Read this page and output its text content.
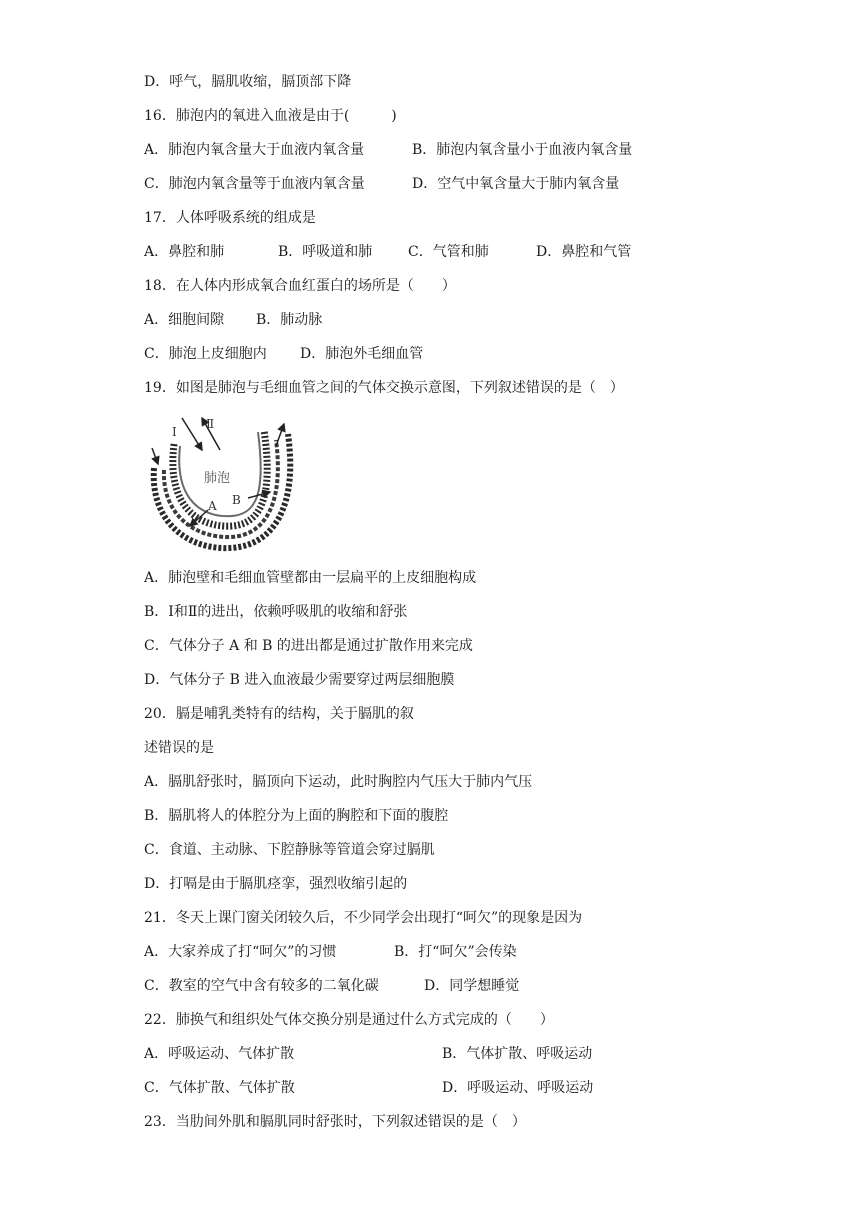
D．呼气，膈肌收缩，膈顶部下降
16．肺泡内的氧进入血液是由于(　　　)
A．肺泡内氧含量大于血液内氧含量	B．肺泡内氧含量小于血液内氧含量
C．肺泡内氧含量等于血液内氧含量	D．空气中氧含量大于肺内氧含量
17．人体呼吸系统的组成是
A．鼻腔和肺	B．呼吸道和肺	C．气管和肺	D．鼻腔和气管
18．在人体内形成氧合血红蛋白的场所是（　　）
A．细胞间隙 B．肺动脉
C．肺泡上皮细胞内 D．肺泡外毛细血管
19．如图是肺泡与毛细血管之间的气体交换示意图，下列叙述错误的是（　）
Ⅰ
Ⅱ
肺泡
A B
A．肺泡壁和毛细血管壁都由一层扁平的上皮细胞构成
B．Ⅰ和Ⅱ的进出，依赖呼吸肌的收缩和舒张
C．气体分子 A 和 B 的进出都是通过扩散作用来完成
D．气体分子 B 进入血液最少需要穿过两层细胞膜
20．膈是哺乳类特有的结构，关于膈肌的叙
述错误的是
A．膈肌舒张时，膈顶向下运动，此时胸腔内气压大于肺内气压
B．膈肌将人的体腔分为上面的胸腔和下面的腹腔
C．食道、主动脉、下腔静脉等管道会穿过膈肌
D．打嗝是由于膈肌痉挛，强烈收缩引起的
21．冬天上课门窗关闭较久后，不少同学会出现打“呵欠”的现象是因为
A．大家养成了打“呵欠”的习惯	B．打“呵欠”会传染
C．教室的空气中含有较多的二氧化碳	D．同学想睡觉
22．肺换气和组织处气体交换分别是通过什么方式完成的（　　）
A．呼吸运动、气体扩散	B．气体扩散、呼吸运动
C．气体扩散、气体扩散	D．呼吸运动、呼吸运动
23．当肋间外肌和膈肌同时舒张时，下列叙述错误的是（　）
